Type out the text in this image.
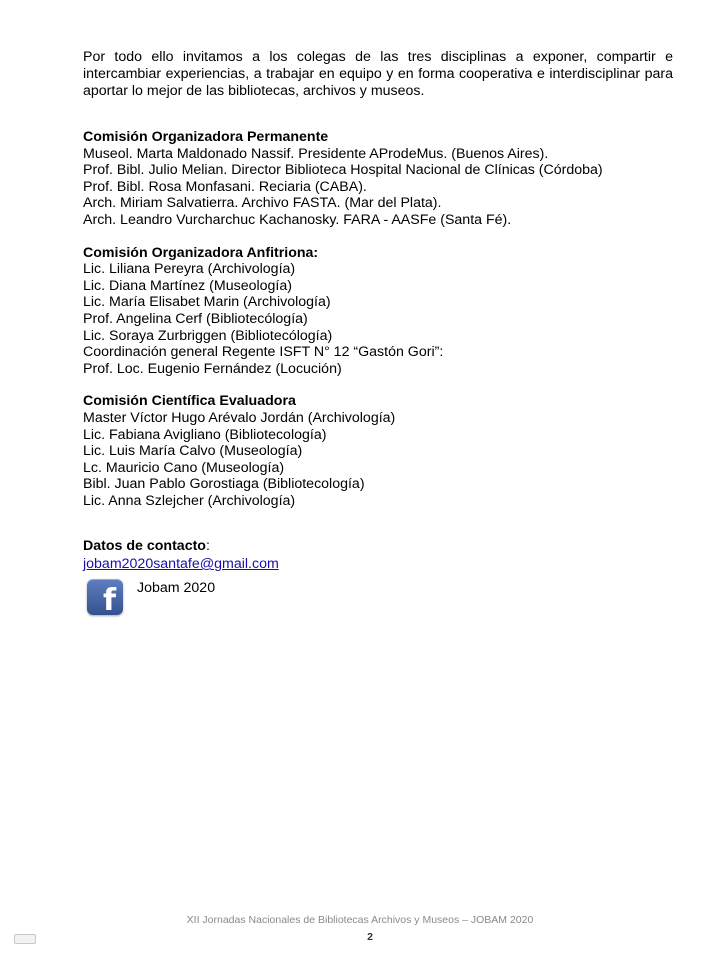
Por todo ello invitamos a los colegas de las tres disciplinas a exponer, compartir e intercambiar experiencias, a trabajar en equipo y en forma cooperativa e interdisciplinar para aportar lo mejor de las bibliotecas, archivos y museos.

Comisión Organizadora Permanente
Museol. Marta Maldonado Nassif. Presidente AProdeMus. (Buenos Aires).
Prof. Bibl. Julio Melian. Director Biblioteca Hospital Nacional de Clínicas (Córdoba)
Prof. Bibl. Rosa Monfasani. Reciaria (CABA).
Arch. Miriam Salvatierra. Archivo FASTA. (Mar del Plata).
Arch. Leandro Vurcharchuc Kachanosky. FARA - AASFe (Santa Fé).
Comisión Organizadora Anfitriona:
Lic. Liliana Pereyra (Archivología)
Lic. Diana Martínez (Museología)
Lic. María Elisabet Marin (Archivología)
Prof. Angelina Cerf (Bibliotecólogía)
Lic. Soraya Zurbriggen (Bibliotecólogía)
Coordinación general Regente ISFT N° 12 “Gastón Gori”:
Prof. Loc. Eugenio Fernández (Locución)
Comisión Científica Evaluadora
Master Víctor Hugo Arévalo Jordán (Archivología)
Lic. Fabiana Avigliano (Bibliotecología)
Lic. Luis María Calvo (Museología)
Lc. Mauricio Cano (Museología)
Bibl. Juan Pablo Gorostiaga (Bibliotecología)
Lic. Anna Szlejcher (Archivología)
Datos de contacto:
jobam2020santafe@gmail.com
f Jobam 2020
XII Jornadas Nacionales de Bibliotecas Archivos y Museos – JOBAM 2020
2
